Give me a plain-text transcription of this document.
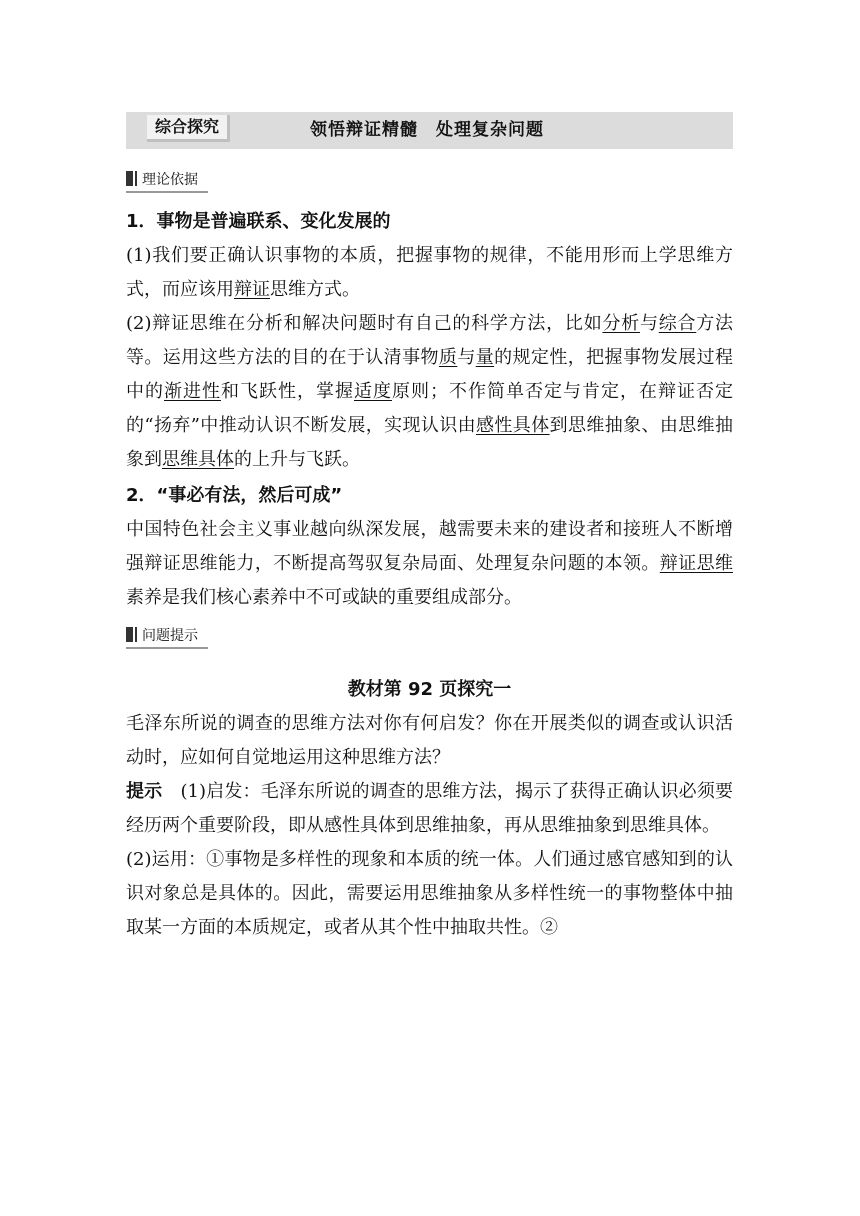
综合探究	领悟辩证精髓　处理复杂问题
理论依据

1．事物是普遍联系、变化发展的

(1)我们要正确认识事物的本质，把握事物的规律，不能用形而上学思维方式，而应该用辩证思维方式。

(2)辩证思维在分析和解决问题时有自己的科学方法，比如分析与综合方法等。运用这些方法的目的在于认清事物质与量的规定性，把握事物发展过程中的渐进性和飞跃性，掌握适度原则；不作简单否定与肯定，在辩证否定的“扬弃”中推动认识不断发展，实现认识由感性具体到思维抽象、由思维抽象到思维具体的上升与飞跃。

2．“事必有法，然后可成”

中国特色社会主义事业越向纵深发展，越需要未来的建设者和接班人不断增强辩证思维能力，不断提高驾驭复杂局面、处理复杂问题的本领。辩证思维素养是我们核心素养中不可或缺的重要组成部分。

问题提示

教材第 92 页探究一

毛泽东所说的调查的思维方法对你有何启发？你在开展类似的调查或认识活动时，应如何自觉地运用这种思维方法？

提示　(1)启发：毛泽东所说的调查的思维方法，揭示了获得正确认识必须要经历两个重要阶段，即从感性具体到思维抽象，再从思维抽象到思维具体。

(2)运用：①事物是多样性的现象和本质的统一体。人们通过感官感知到的认识对象总是具体的。因此，需要运用思维抽象从多样性统一的事物整体中抽取某一方面的本质规定，或者从其个性中抽取共性。②
